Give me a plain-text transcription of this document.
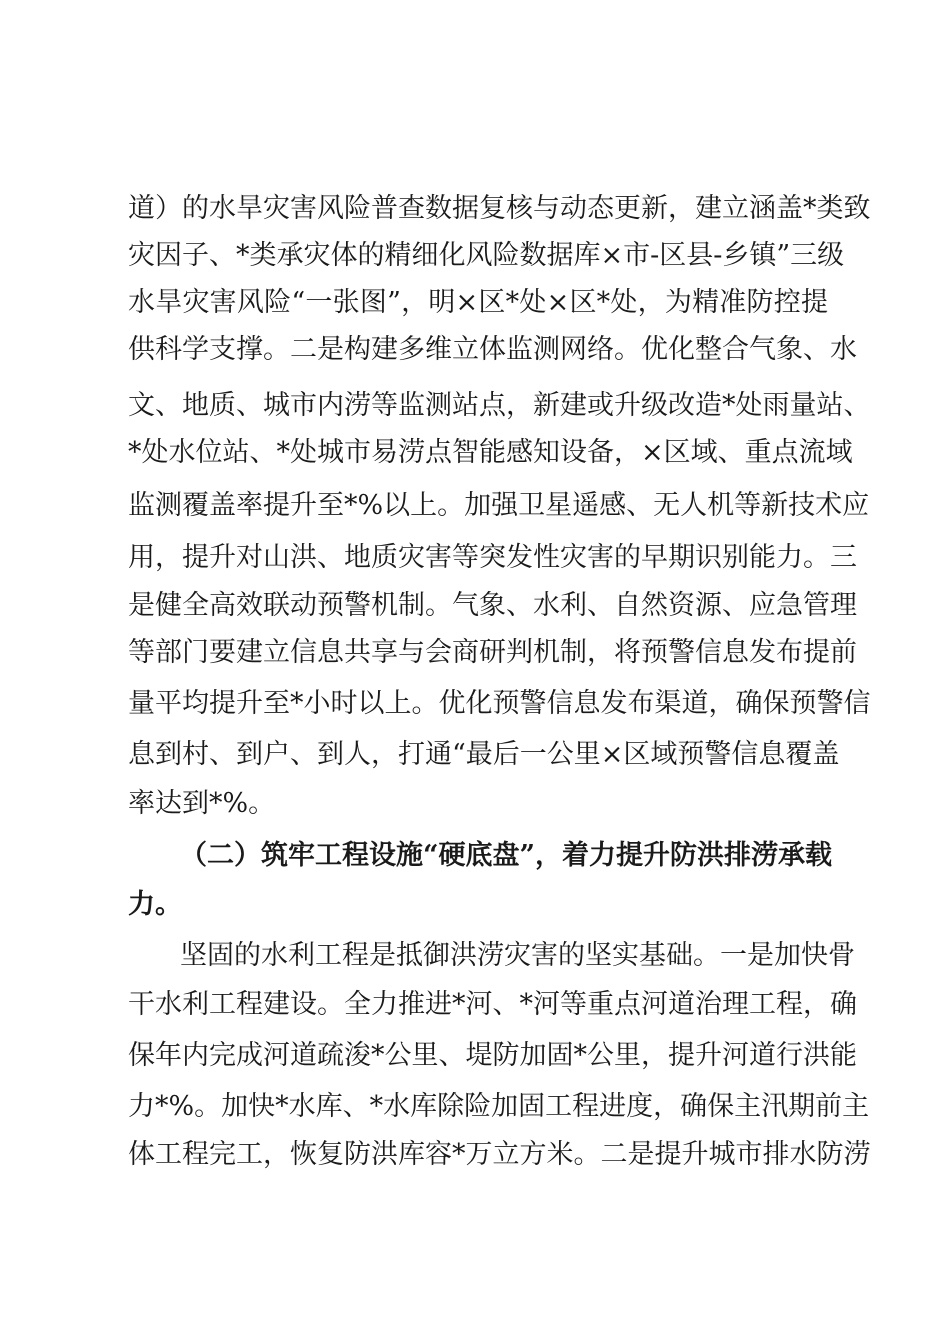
道）的水旱灾害风险普查数据复核与动态更新，建立涵盖*类致
灾因子、*类承灾体的精细化风险数据库×市-区县-乡镇”三级
水旱灾害风险“一张图”，明×区*处×区*处，为精准防控提
供科学支撑。二是构建多维立体监测网络。优化整合气象、水
文、地质、城市内涝等监测站点，新建或升级改造*处雨量站、
*处水位站、*处城市易涝点智能感知设备，×区域、重点流域
监测覆盖率提升至*%以上。加强卫星遥感、无人机等新技术应
用，提升对山洪、地质灾害等突发性灾害的早期识别能力。三
是健全高效联动预警机制。气象、水利、自然资源、应急管理
等部门要建立信息共享与会商研判机制，将预警信息发布提前
量平均提升至*小时以上。优化预警信息发布渠道，确保预警信
息到村、到户、到人，打通“最后一公里×区域预警信息覆盖
率达到*%。
（二）筑牢工程设施“硬底盘”，着力提升防洪排涝承载
力。
坚固的水利工程是抵御洪涝灾害的坚实基础。一是加快骨
干水利工程建设。全力推进*河、*河等重点河道治理工程，确
保年内完成河道疏浚*公里、堤防加固*公里，提升河道行洪能
力*%。加快*水库、*水库除险加固工程进度，确保主汛期前主
体工程完工，恢复防洪库容*万立方米。二是提升城市排水防涝
